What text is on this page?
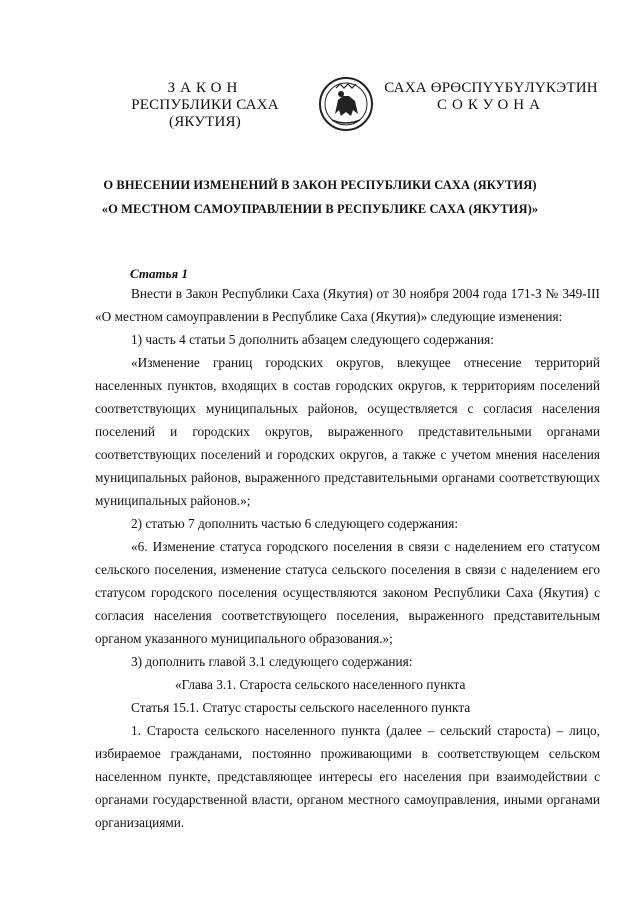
ЗАКОН
РЕСПУБЛИКИ САХА (ЯКУТИЯ)
САХА ӨРӨСПҮҮБҮЛҮКЭТИН
СОКУОНА
О ВНЕСЕНИИ ИЗМЕНЕНИЙ В ЗАКОН РЕСПУБЛИКИ САХА (ЯКУТИЯ)
«О МЕСТНОМ САМОУПРАВЛЕНИИ В РЕСПУБЛИКЕ САХА (ЯКУТИЯ)»
Статья 1
Внести в Закон Республики Саха (Якутия) от 30 ноября 2004 года 171-З № 349-III
«О местном самоуправлении в Республике Саха (Якутия)» следующие изменения:
1) часть 4 статьи 5 дополнить абзацем следующего содержания:
«Изменение границ городских округов, влекущее отнесение территорий
населенных пунктов, входящих в состав городских округов, к территориям поселений
соответствующих муниципальных районов, осуществляется с согласия населения
поселений и городских округов, выраженного представительными органами
соответствующих поселений и городских округов, а также с учетом мнения населения
муниципальных районов, выраженного представительными органами соответствующих
муниципальных районов.»;
2) статью 7 дополнить частью 6 следующего содержания:
«6. Изменение статуса городского поселения в связи с наделением его статусом
сельского поселения, изменение статуса сельского поселения в связи с наделением его
статусом городского поселения осуществляются законом Республики Саха (Якутия) с
согласия населения соответствующего поселения, выраженного представительным
органом указанного муниципального образования.»;
3) дополнить главой 3.1 следующего содержания:
«Глава 3.1. Староста сельского населенного пункта
Статья 15.1. Статус старосты сельского населенного пункта
1. Староста сельского населенного пункта (далее – сельский староста) – лицо,
избираемое гражданами, постоянно проживающими в соответствующем сельском
населенном пункте, представляющее интересы его населения при взаимодействии с
органами государственной власти, органом местного самоуправления, иными органами
организациями.
